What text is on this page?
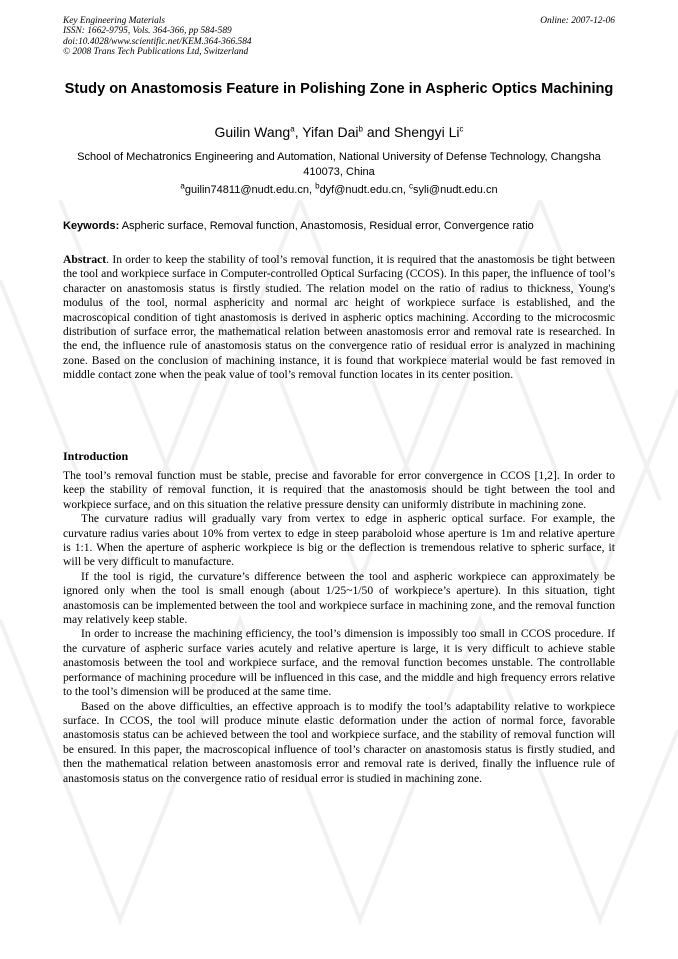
Key Engineering Materials
ISSN: 1662-9795, Vols. 364-366, pp 584-589
doi:10.4028/www.scientific.net/KEM.364-366.584
© 2008 Trans Tech Publications Ltd, Switzerland
Online: 2007-12-06
Study on Anastomosis Feature in Polishing Zone in Aspheric Optics Machining
Guilin Wang$^a$, Yifan Dai$^b$ and Shengyi Li$^c$
School of Mechatronics Engineering and Automation, National University of Defense Technology, Changsha 410073, China
$^a$guilin74811@nudt.edu.cn, $^b$dyf@nudt.edu.cn, $^c$syli@nudt.edu.cn
Keywords: Aspheric surface, Removal function, Anastomosis, Residual error, Convergence ratio
Abstract. In order to keep the stability of tool’s removal function, it is required that the anastomosis be tight between the tool and workpiece surface in Computer-controlled Optical Surfacing (CCOS). In this paper, the influence of tool’s character on anastomosis status is firstly studied. The relation model on the ratio of radius to thickness, Young's modulus of the tool, normal asphericity and normal arc height of workpiece surface is established, and the macroscopical condition of tight anastomosis is derived in aspheric optics machining. According to the microcosmic distribution of surface error, the mathematical relation between anastomosis error and removal rate is researched. In the end, the influence rule of anastomosis status on the convergence ratio of residual error is analyzed in machining zone. Based on the conclusion of machining instance, it is found that workpiece material would be fast removed in middle contact zone when the peak value of tool’s removal function locates in its center position.
Introduction

The tool’s removal function must be stable, precise and favorable for error convergence in CCOS [1,2]. In order to keep the stability of removal function, it is required that the anastomosis should be tight between the tool and workpiece surface, and on this situation the relative pressure density can uniformly distribute in machining zone.

The curvature radius will gradually vary from vertex to edge in aspheric optical surface. For example, the curvature radius varies about 10% from vertex to edge in steep paraboloid whose aperture is 1m and relative aperture is 1:1. When the aperture of aspheric workpiece is big or the deflection is tremendous relative to spheric surface, it will be very difficult to manufacture.

If the tool is rigid, the curvature’s difference between the tool and aspheric workpiece can approximately be ignored only when the tool is small enough (about 1/25~1/50 of workpiece’s aperture). In this situation, tight anastomosis can be implemented between the tool and workpiece surface in machining zone, and the removal function may relatively keep stable.

In order to increase the machining efficiency, the tool’s dimension is impossibly too small in CCOS procedure. If the curvature of aspheric surface varies acutely and relative aperture is large, it is very difficult to achieve stable anastomosis between the tool and workpiece surface, and the removal function becomes unstable. The controllable performance of machining procedure will be influenced in this case, and the middle and high frequency errors relative to the tool’s dimension will be produced at the same time.

Based on the above difficulties, an effective approach is to modify the tool’s adaptability relative to workpiece surface. In CCOS, the tool will produce minute elastic deformation under the action of normal force, favorable anastomosis status can be achieved between the tool and workpiece surface, and the stability of removal function will be ensured. In this paper, the macroscopical influence of tool’s character on anastomosis status is firstly studied, and then the mathematical relation between anastomosis error and removal rate is derived, finally the influence rule of anastomosis status on the convergence ratio of residual error is studied in machining zone.
